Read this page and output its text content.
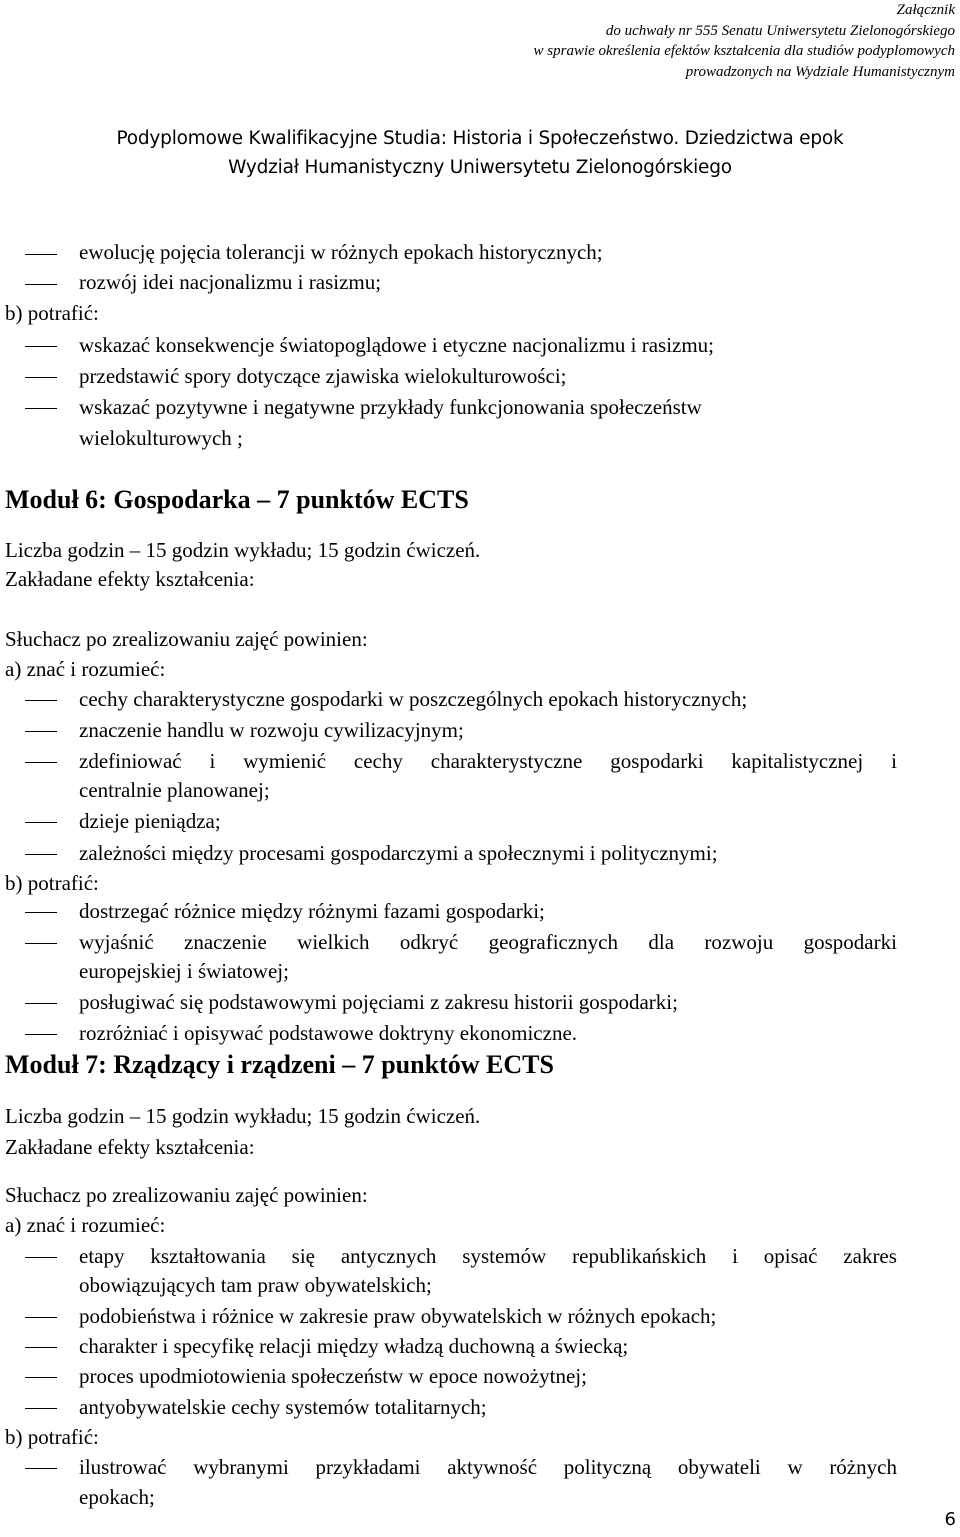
Załącznik
do uchwały nr 555 Senatu Uniwersytetu Zielonogórskiego
w sprawie określenia efektów kształcenia dla studiów podyplomowych
prowadzonych na Wydziale Humanistycznym
Podyplomowe Kwalifikacyjne Studia: Historia i Społeczeństwo. Dziedzictwa epok
Wydział Humanistyczny Uniwersytetu Zielonogórskiego
ewolucję pojęcia tolerancji w różnych epokach historycznych;
rozwój idei nacjonalizmu i rasizmu;
b) potrafić:
wskazać konsekwencje światopoglądowe i etyczne nacjonalizmu i rasizmu;
przedstawić spory dotyczące zjawiska wielokulturowości;
wskazać pozytywne i negatywne przykłady funkcjonowania społeczeństw
wielokulturowych ;
Moduł 6: Gospodarka – 7 punktów ECTS
Liczba godzin – 15 godzin wykładu; 15 godzin ćwiczeń.
Zakładane efekty kształcenia:
Słuchacz po zrealizowaniu zajęć powinien:
a) znać i rozumieć:
cechy charakterystyczne gospodarki w poszczególnych epokach historycznych;
znaczenie handlu w rozwoju cywilizacyjnym;
zdefiniować i wymienić cechy charakterystyczne gospodarki kapitalistycznej i
centralnie planowanej;
dzieje pieniądza;
zależności między procesami gospodarczymi a społecznymi i politycznymi;
b) potrafić:
dostrzegać różnice między różnymi fazami gospodarki;
wyjaśnić znaczenie wielkich odkryć geograficznych dla rozwoju gospodarki
europejskiej i światowej;
posługiwać się podstawowymi pojęciami z zakresu historii gospodarki;
rozróżniać i opisywać podstawowe doktryny ekonomiczne.
Moduł 7: Rządzący i rządzeni – 7 punktów ECTS
Liczba godzin – 15 godzin wykładu; 15 godzin ćwiczeń.
Zakładane efekty kształcenia:
Słuchacz po zrealizowaniu zajęć powinien:
a) znać i rozumieć:
etapy kształtowania się antycznych systemów republikańskich i opisać zakres
obowiązujących tam praw obywatelskich;
podobieństwa i różnice w zakresie praw obywatelskich w różnych epokach;
charakter i specyfikę relacji między władzą duchowną a świecką;
proces upodmiotowienia społeczeństw w epoce nowożytnej;
antyobywatelskie cechy systemów totalitarnych;
b) potrafić:
ilustrować wybranymi przykładami aktywność polityczną obywateli w różnych
epokach;
6
